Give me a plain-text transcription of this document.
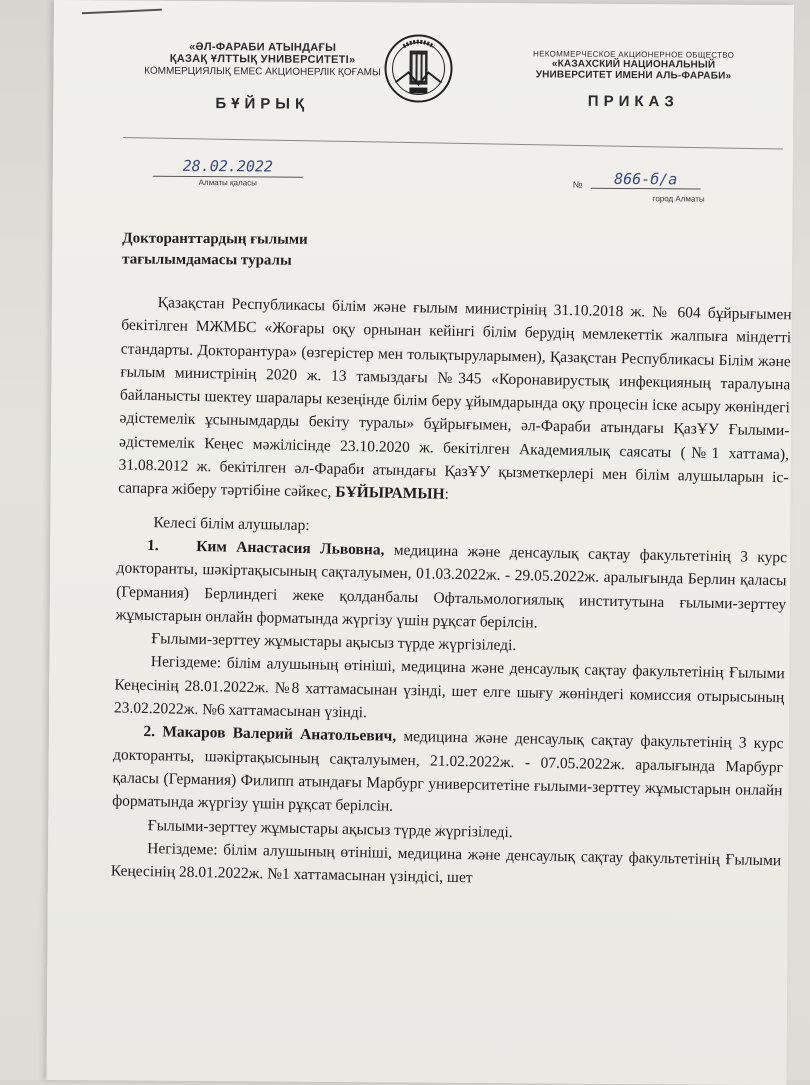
«ӘЛ-ФАРАБИ АТЫНДАҒЫ
ҚАЗАҚ ҰЛТТЫҚ УНИВЕРСИТЕТІ»
КОММЕРЦИЯЛЫҚ ЕМЕС АКЦИОНЕРЛІК ҚОҒАМЫ
БҰЙРЫҚ
НЕКОММЕРЧЕСКОЕ АКЦИОНЕРНОЕ ОБЩЕСТВО
«КАЗАХСКИЙ НАЦИОНАЛЬНЫЙ
УНИВЕРСИТЕТ ИМЕНИ АЛЬ-ФАРАБИ»
ПРИКАЗ
28.02.2022
Алматы қаласы	№	866-б/а
город Алматы
Докторанттардың ғылыми
тағылымдамасы туралы

Қазақстан Республикасы білім және ғылым министрінің 31.10.2018 ж. № 604 бұйрығымен бекітілген МЖМБС «Жоғары оқу орнынан кейінгі білім берудің мемлекеттік жалпыға міндетті стандарты. Докторантура» (өзгерістер мен толықтыруларымен), Қазақстан Республикасы Білім және ғылым министрінің 2020 ж. 13 тамыздағы №345 «Коронавирустық инфекцияның таралуына байланысты шектеу шаралары кезеңінде білім беру ұйымдарында оқу процесін іске асыру жөніндегі әдістемелік ұсынымдарды бекіту туралы» бұйрығымен, әл-Фараби атындағы ҚазҰУ Ғылыми-әдістемелік Кеңес мәжілісінде 23.10.2020 ж. бекітілген Академиялық саясаты (№1 хаттама), 31.08.2012 ж. бекітілген әл-Фараби атындағы ҚазҰУ қызметкерлері мен білім алушыларын іс-сапарға жіберу тәртібіне сәйкес, БҰЙЫРАМЫН:

Келесі білім алушылар:

1. Ким Анастасия Львовна, медицина және денсаулық сақтау факультетінің 3 курс докторанты, шәкіртақысының сақталуымен, 01.03.2022ж. - 29.05.2022ж. аралығында Берлин қаласы (Германия) Берлиндегі жеке қолданбалы Офтальмологиялық институтына ғылыми-зерттеу жұмыстарын онлайн форматында жүргізу үшін рұқсат берілсін.

Ғылыми-зерттеу жұмыстары ақысыз түрде жүргізіледі.

Негіздеме: білім алушының өтініші, медицина және денсаулық сақтау факультетінің Ғылыми Кеңесінің 28.01.2022ж. №8 хаттамасынан үзінді, шет елге шығу жөніндегі комиссия отырысының 23.02.2022ж. №6 хаттамасынан үзінді.

2. Макаров Валерий Анатольевич, медицина және денсаулық сақтау факультетінің 3 курс докторанты, шәкіртақысының сақталуымен, 21.02.2022ж. - 07.05.2022ж. аралығында Марбург қаласы (Германия) Филипп атындағы Марбург университетіне ғылыми-зерттеу жұмыстарын онлайн форматында жүргізу үшін рұқсат берілсін.

Ғылыми-зерттеу жұмыстары ақысыз түрде жүргізіледі.

Негіздеме: білім алушының өтініші, медицина және денсаулық сақтау факультетінің Ғылыми Кеңесінің 28.01.2022ж. №1 хаттамасынан үзіндісі, шет
